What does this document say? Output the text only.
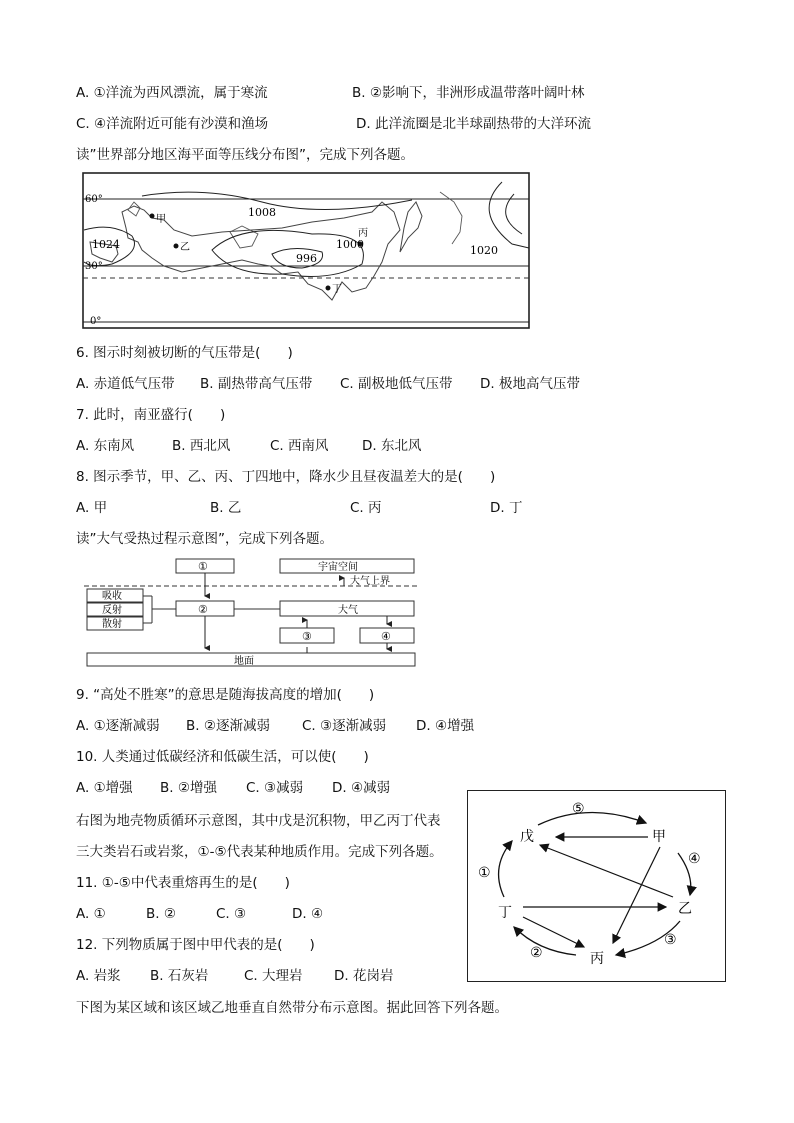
A. ①洋流为西风漂流，属于寒流	B. ②影响下，非洲形成温带落叶阔叶林
C. ④洋流附近可能有沙漠和渔场	D. 此洋流圈是北半球副热带的大洋环流
读”世界部分地区海平面等压线分布图”，完成下列各题。
60°
30°
0°
1008
1024	1000
996
1020
甲
乙
丙
丁
6. 图示时刻被切断的气压带是(　　)
A. 赤道低气压带 B. 副热带高气压带 C. 副极地低气压带 D. 极地高气压带
7. 此时，南亚盛行(　　)
A. 东南风	B. 西北风	C. 西南风 D. 东北风
8. 图示季节，甲、乙、丙、丁四地中，降水少且昼夜温差大的是(　　)
A. 甲	B. 乙	C. 丙	D. 丁
读”大气受热过程示意图”，完成下列各题。
①	宇宙空间
大气上界
吸收
反射
散射
②	大气
③	④
地面
9. “高处不胜寒”的意思是随海拔高度的增加(　　)
A. ①逐渐减弱 B. ②逐渐减弱 C. ③逐渐减弱 D. ④增强
10. 人类通过低碳经济和低碳生活，可以使(　　)
A. ①增强 B. ②增强 C. ③减弱 D. ④减弱
右图为地壳物质循环示意图，其中戊是沉积物，甲乙丙丁代表
三大类岩石或岩浆，①-⑤代表某种地质作用。完成下列各题。
11. ①-⑤中代表重熔再生的是(　　)
A. ①	B. ②	C. ③	D. ④
12. 下列物质属于图中甲代表的是(　　)
A. 岩浆 B. 石灰岩	C. 大理岩 D. 花岗岩
戊	甲
乙
丙
丁
①
②
③
④
⑤
下图为某区域和该区域乙地垂直自然带分布示意图。据此回答下列各题。
